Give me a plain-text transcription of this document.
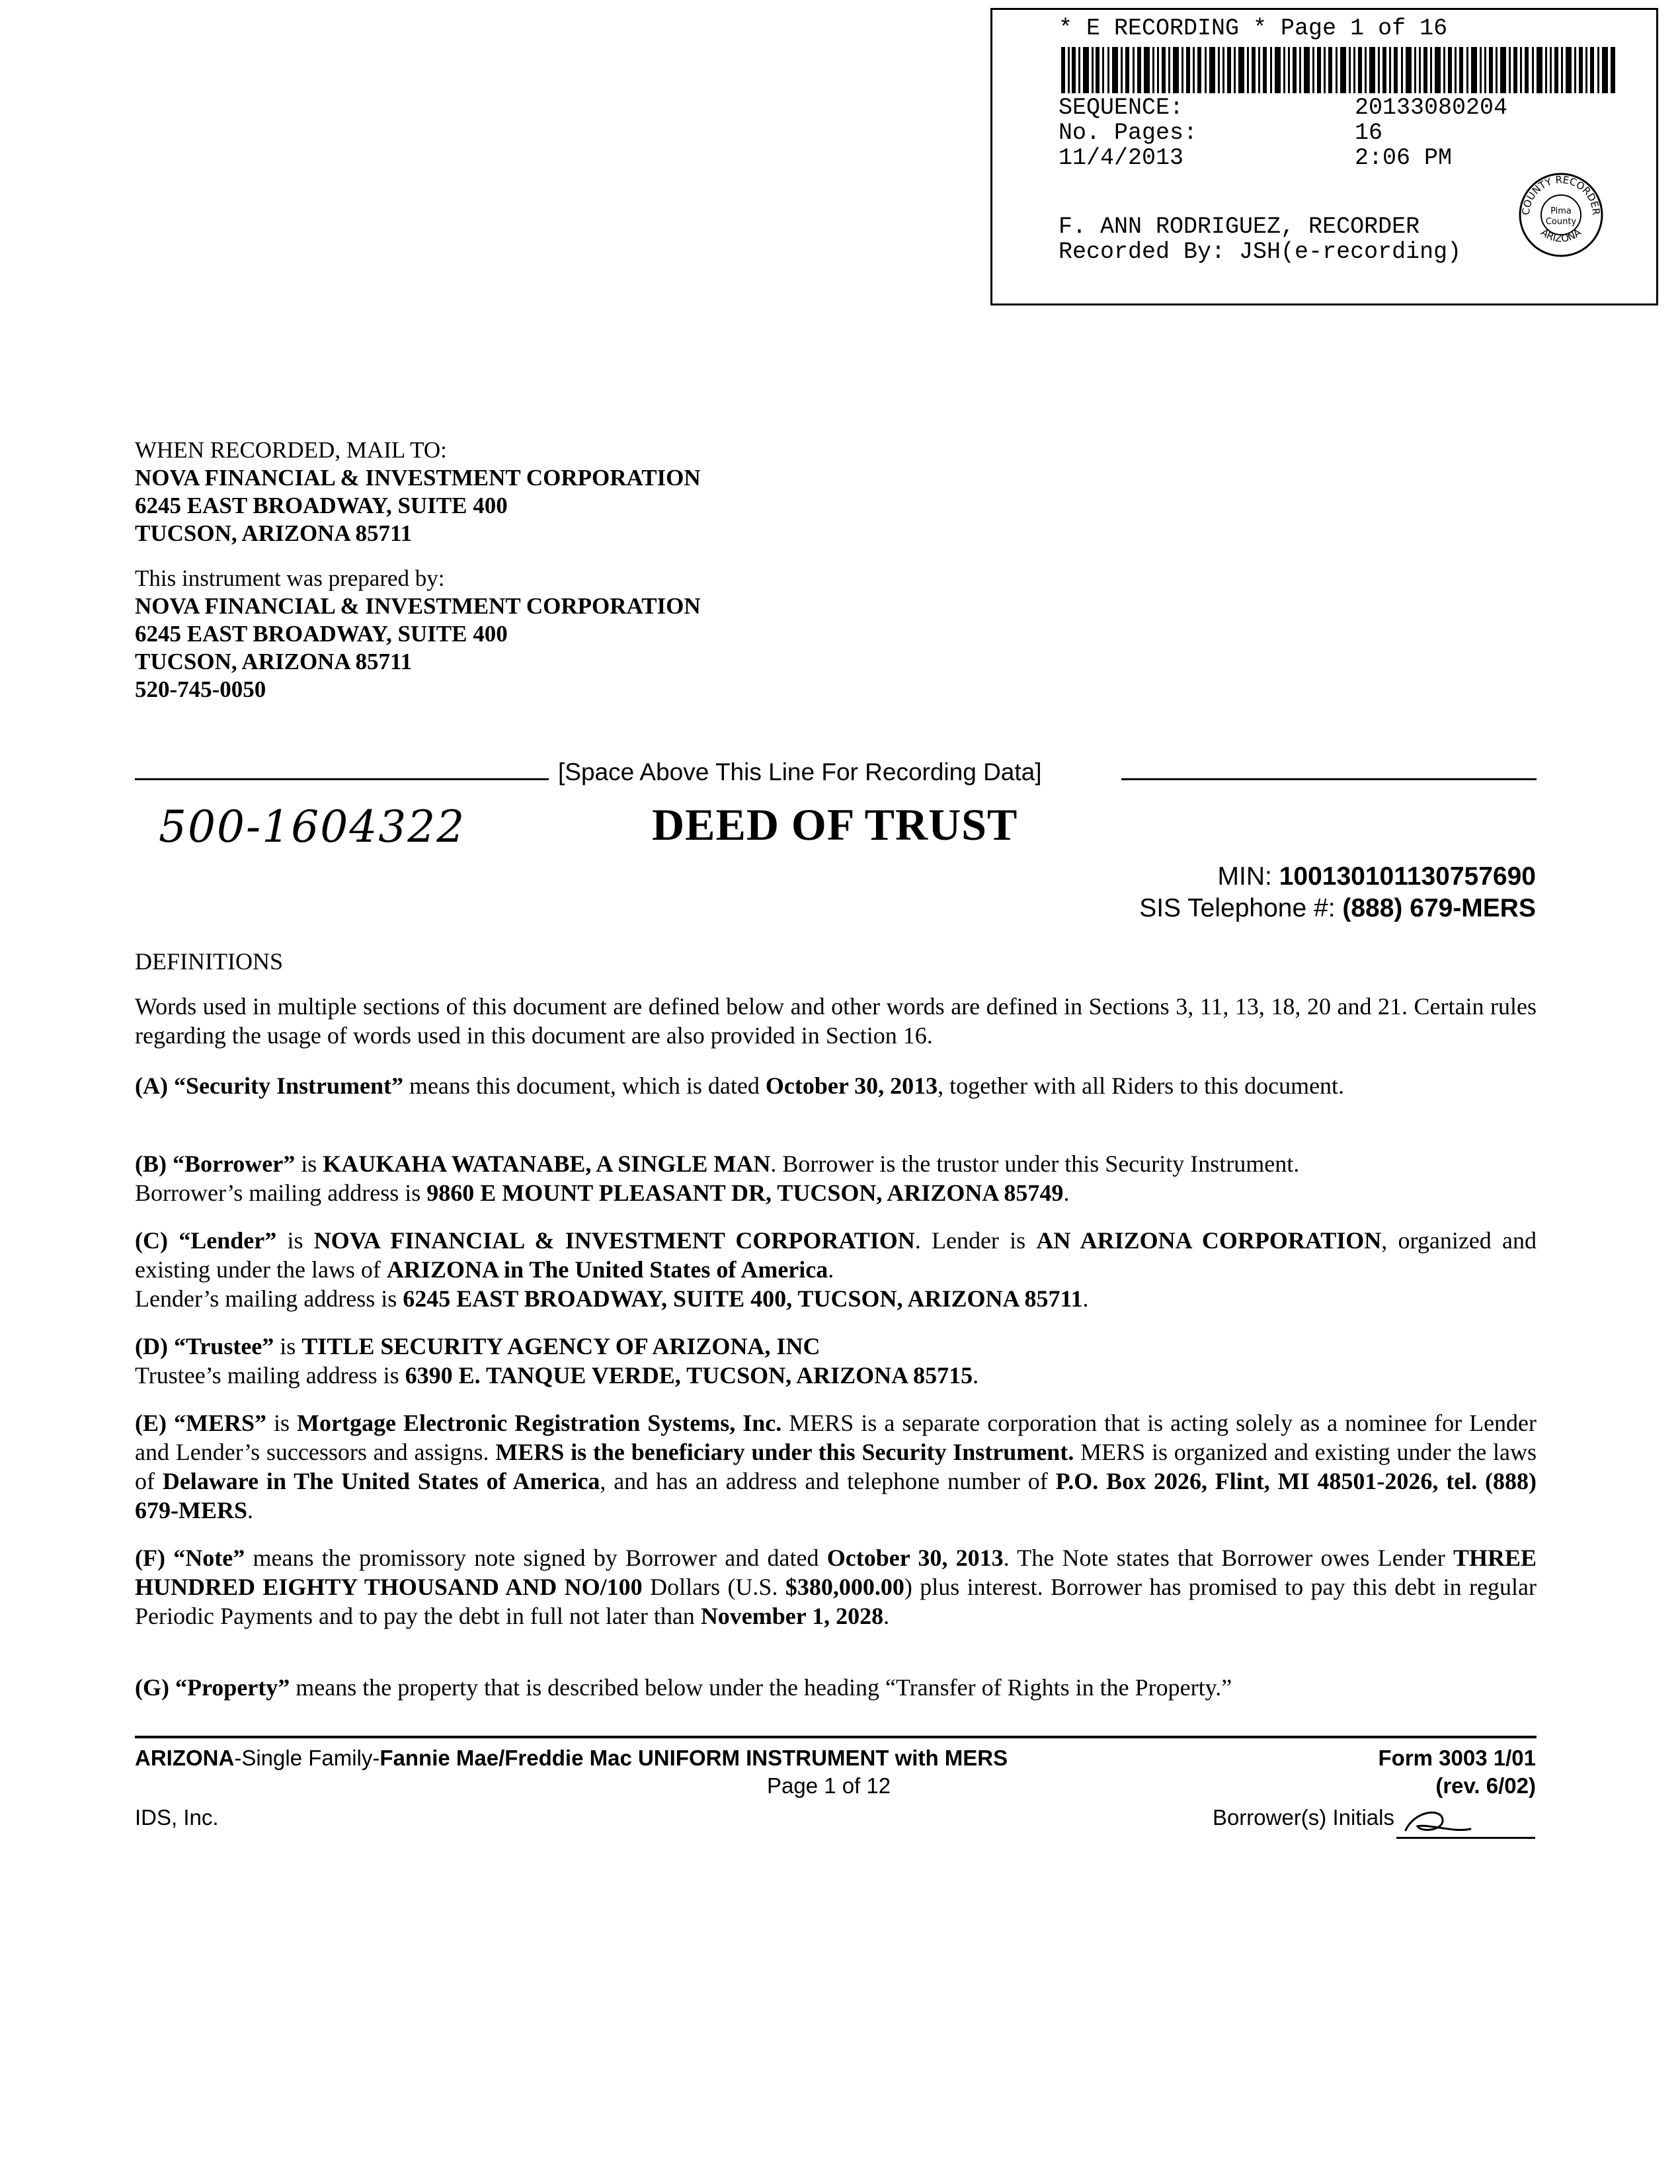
* E RECORDING * Page 1 of 16
SEQUENCE:	20133080204
No. Pages:	16
11/4/2013	2:06 PM
F. ANN RODRIGUEZ, RECORDER
Recorded By: JSH(e-recording)
COUNTY RECORDER
ARIZONA
Pima
County
WHEN RECORDED, MAIL TO:
NOVA FINANCIAL & INVESTMENT CORPORATION
6245 EAST BROADWAY, SUITE 400
TUCSON, ARIZONA 85711
This instrument was prepared by:
NOVA FINANCIAL & INVESTMENT CORPORATION
6245 EAST BROADWAY, SUITE 400
TUCSON, ARIZONA 85711
520-745-0050
[Space Above This Line For Recording Data]
500-1604322	DEED OF TRUST
MIN: 100130101130757690
SIS Telephone #: (888) 679-MERS
DEFINITIONS
Words used in multiple sections of this document are defined below and other words are defined in Sections 3, 11, 13, 18, 20 and 21. Certain rules regarding the usage of words used in this document are also provided in Section 16.
(A) “Security Instrument” means this document, which is dated October 30, 2013, together with all Riders to this document.
(B) “Borrower” is KAUKAHA WATANABE, A SINGLE MAN. Borrower is the trustor under this Security Instrument.
Borrower’s mailing address is 9860 E MOUNT PLEASANT DR, TUCSON, ARIZONA 85749.
(C) “Lender” is NOVA FINANCIAL & INVESTMENT CORPORATION. Lender is AN ARIZONA CORPORATION, organized and existing under the laws of ARIZONA in The United States of America.
Lender’s mailing address is 6245 EAST BROADWAY, SUITE 400, TUCSON, ARIZONA 85711.
(D) “Trustee” is TITLE SECURITY AGENCY OF ARIZONA, INC
Trustee’s mailing address is 6390 E. TANQUE VERDE, TUCSON, ARIZONA 85715.
(E) “MERS” is Mortgage Electronic Registration Systems, Inc. MERS is a separate corporation that is acting solely as a nominee for Lender and Lender’s successors and assigns. MERS is the beneficiary under this Security Instrument. MERS is organized and existing under the laws of Delaware in The United States of America, and has an address and telephone number of P.O. Box 2026, Flint, MI 48501-2026, tel. (888) 679-MERS.
(F) “Note” means the promissory note signed by Borrower and dated October 30, 2013. The Note states that Borrower owes Lender THREE HUNDRED EIGHTY THOUSAND AND NO/100 Dollars (U.S. $380,000.00) plus interest. Borrower has promised to pay this debt in regular Periodic Payments and to pay the debt in full not later than November 1, 2028.
(G) “Property” means the property that is described below under the heading “Transfer of Rights in the Property.”
ARIZONA-Single Family-Fannie Mae/Freddie Mac UNIFORM INSTRUMENT with MERS
Page 1 of 12
IDS, Inc.
Form 3003 1/01
(rev. 6/02)
Borrower(s) Initials
